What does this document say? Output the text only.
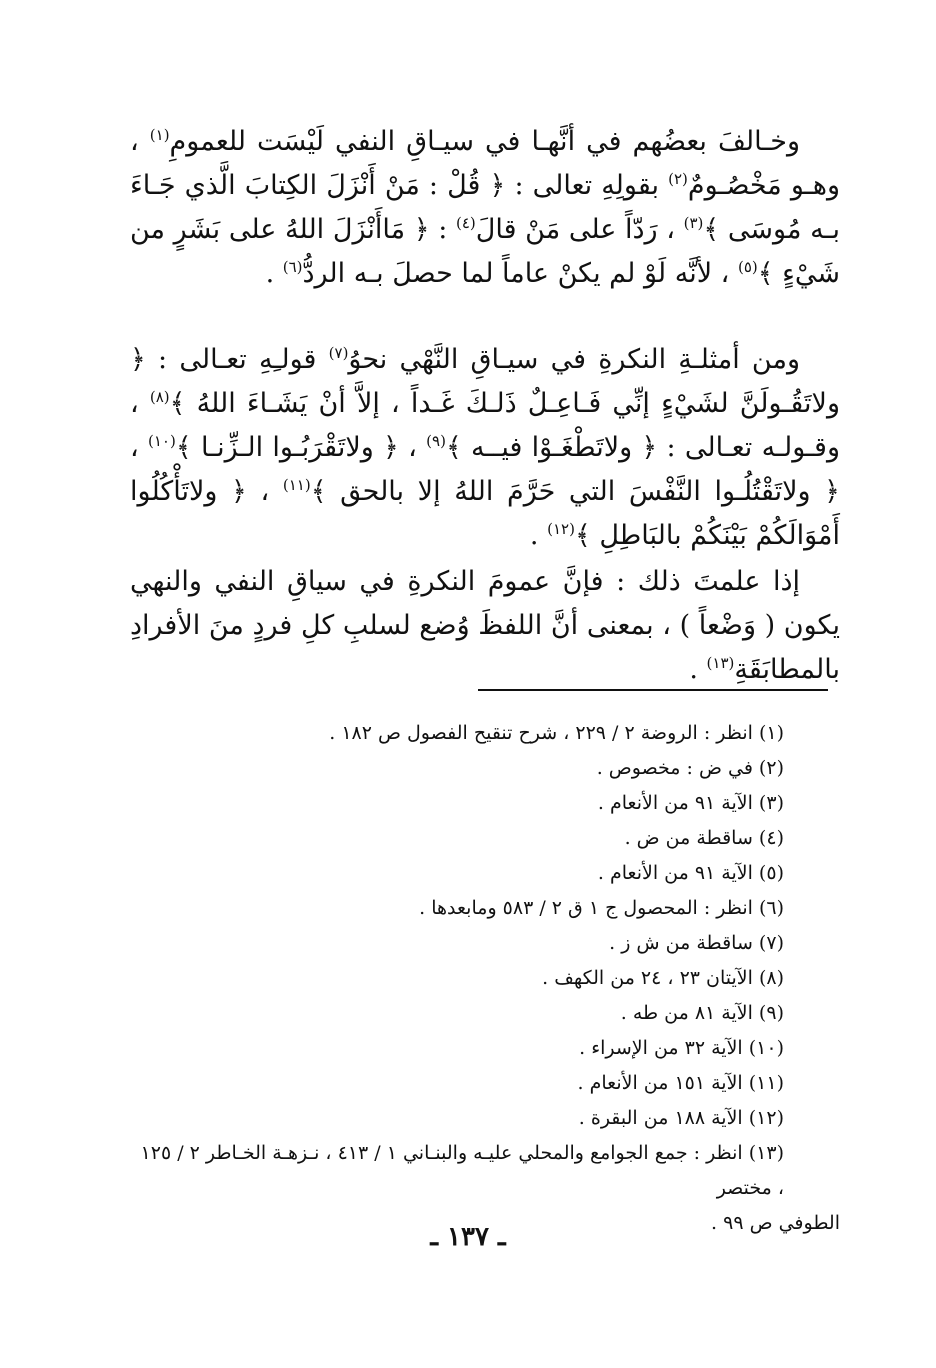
وخـالفَ بعضُهم في أنَّهـا في سيـاقِ النفي لَيْسَت للعمومِ$^{(١)}$ ، وهـو مَخْصُـومٌ$^{(٢)}$ بقولِهِ تعالى : ﴿ قُلْ : مَنْ أَنْزَلَ الكِتابَ الَّذي جَـاءَ بـه مُوسَى ﴾$^{(٣)}$ ، رَدّاً على مَنْ قالَ$^{(٤)}$ : ﴿ مَاأَنْزَلَ اللهُ على بَشَرٍ من شَيْءٍ ﴾$^{(٥)}$ ، لأنَّه لَوْ لم يكنْ عاماً لما حصلَ بـه الردُّ$^{(٦)}$ .

ومن أمثلـةِ النكرةِ في سيـاقِ النَّهْي نحوُ$^{(٧)}$ قولـِهِ تعـالى : ﴿ ولاتَقُـولَنَّ لشَيْءٍ إنِّي فَـاعِـلٌ ذَلـكَ غَـداً ، إلاَّ أنْ يَشَـاءَ اللهُ ﴾$^{(٨)}$ ، وقـولـه تعـالى : ﴿ ولاتَطْغَـوْا فيــه ﴾$^{(٩)}$ ، ﴿ ولاتَقْرَبُـوا الـزِّنـا ﴾$^{(١٠)}$ ، ﴿ ولاتَقْتُلُـوا النَّفْسَ التي حَرَّمَ اللهُ إلا بالحق ﴾$^{(١١)}$ ، ﴿ ولاتَأْكُلُوا أَمْوَالَكُمْ بَيْنَكُمْ بالبَاطِلِ ﴾$^{(١٢)}$ .

إذا علمتَ ذلك : فإنَّ عمومَ النكرةِ في سياقِ النفي والنهي يكون ( وَضْعاً ) ، بمعنى أنَّ اللفظَ وُضع لسلبِ كلِ فردٍ منَ الأفرادِ بالمطابَقَةِ$^{(١٣)}$ .

(١) انظر : الروضة ٢ / ٢٢٩ ، شرح تنقيح الفصول ص ١٨٢ .
(٢) في ض : مخصوص .
(٣) الآية ٩١ من الأنعام .
(٤) ساقطة من ض .
(٥) الآية ٩١ من الأنعام .
(٦) انظر : المحصول ج ١ ق ٢ / ٥٨٣ ومابعدها .
(٧) ساقطة من ش ز .
(٨) الآيتان ٢٣ ، ٢٤ من الكهف .
(٩) الآية ٨١ من طه .
(١٠) الآية ٣٢ من الإسراء .
(١١) الآية ١٥١ من الأنعام .
(١٢) الآية ١٨٨ من البقرة .
(١٣) انظر : جمع الجوامع والمحلي عليـه والبنـاني ١ / ٤١٣ ، نـزهـة الخـاطر ٢ / ١٢٥ ، مختصر
الطوفي ص ٩٩ .
ـ ١٣٧ ـ
